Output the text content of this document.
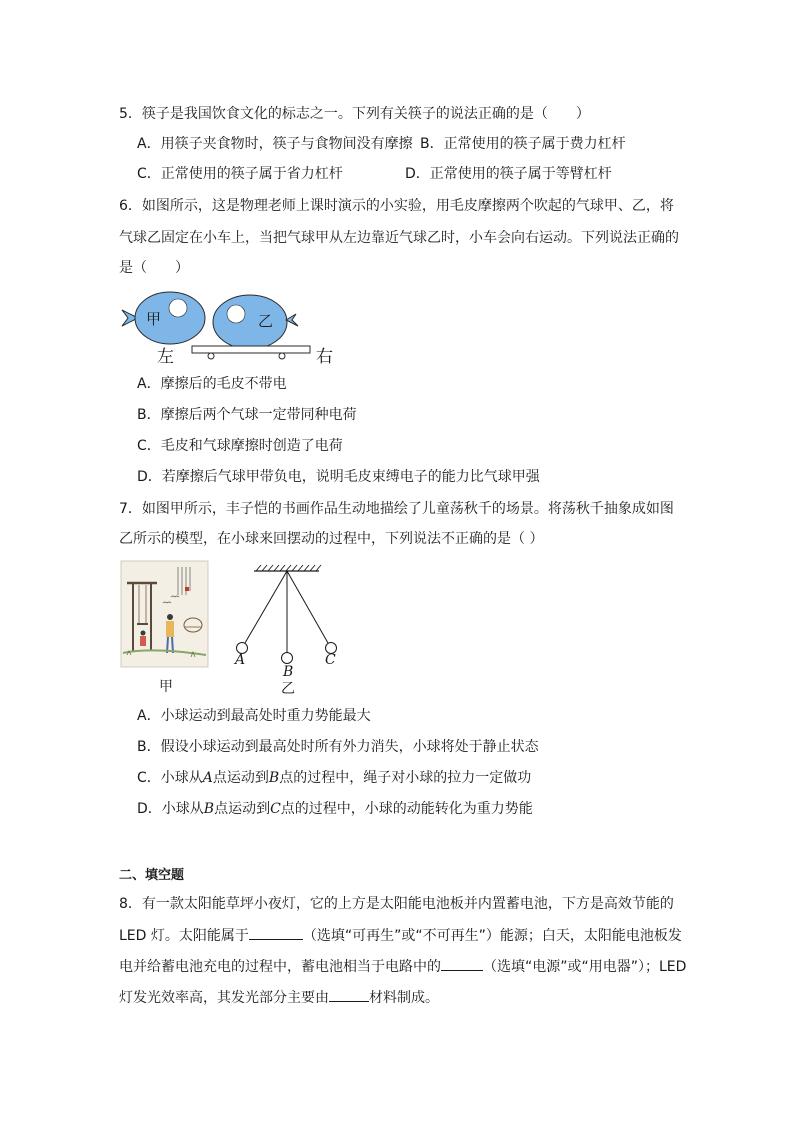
5．筷子是我国饮食文化的标志之一。下列有关筷子的说法正确的是（　　）
A．用筷子夹食物时，筷子与食物间没有摩擦 B．正常使用的筷子属于费力杠杆
C．正常使用的筷子属于省力杠杆	D．正常使用的筷子属于等臂杠杆
6．如图所示，这是物理老师上课时演示的小实验，用毛皮摩擦两个吹起的气球甲、乙，将
气球乙固定在小车上，当把气球甲从左边靠近气球乙时，小车会向右运动。下列说法正确的
是（　　）
甲	乙
左	右
A．摩擦后的毛皮不带电
B．摩擦后两个气球一定带同种电荷
C．毛皮和气球摩擦时创造了电荷
D．若摩擦后气球甲带负电，说明毛皮束缚电子的能力比气球甲强
7．如图甲所示，丰子恺的书画作品生动地描绘了儿童荡秋千的场景。将荡秋千抽象成如图
乙所示的模型，在小球来回摆动的过程中，下列说法不正确的是（ ）
甲
A
B
C
乙
A．小球运动到最高处时重力势能最大
B．假设小球运动到最高处时所有外力消失，小球将处于静止状态
C．小球从A点运动到B点的过程中，绳子对小球的拉力一定做功
D．小球从B点运动到C点的过程中，小球的动能转化为重力势能
二、填空题
8．有一款太阳能草坪小夜灯，它的上方是太阳能电池板并内置蓄电池，下方是高效节能的
LED 灯。太阳能属于	（选填“可再生”或“不可再生”）能源；白天，太阳能电池板发
电并给蓄电池充电的过程中，蓄电池相当于电路中的	（选填“电源”或“用电器”）；LED
灯发光效率高，其发光部分主要由	材料制成。
